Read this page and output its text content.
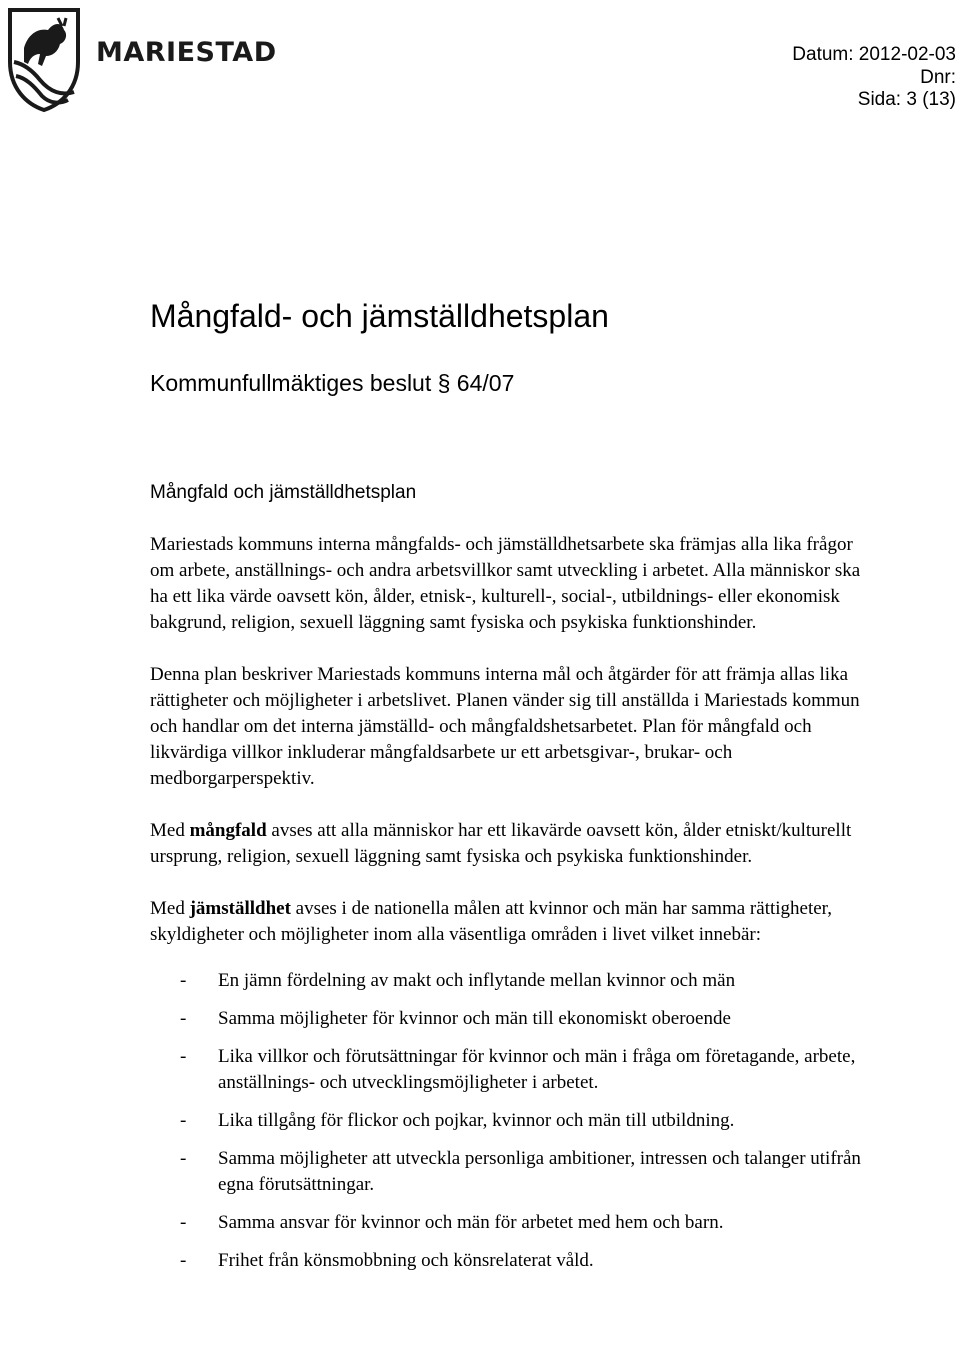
MARIESTAD	Datum: 2012-02-03
Dnr:
Sida: 3 (13)
Mångfald- och jämställdhetsplan
Kommunfullmäktiges beslut § 64/07
Mångfald och jämställdhetsplan

Mariestads kommuns interna mångfalds- och jämställdhetsarbete ska främjas alla lika frågor om arbete, anställnings- och andra arbetsvillkor samt utveckling i arbetet. Alla människor ska ha ett lika värde oavsett kön, ålder, etnisk-, kulturell-, social-, utbildnings- eller ekonomisk bakgrund, religion, sexuell läggning samt fysiska och psykiska funktionshinder.

Denna plan beskriver Mariestads kommuns interna mål och åtgärder för att främja allas lika rättigheter och möjligheter i arbetslivet. Planen vänder sig till anställda i Mariestads kommun och handlar om det interna jämställd- och mångfaldshetsarbetet. Plan för mångfald och likvärdiga villkor inkluderar mångfaldsarbete ur ett arbetsgivar-, brukar- och medborgarperspektiv.

Med mångfald avses att alla människor har ett likavärde oavsett kön, ålder etniskt/kulturellt ursprung, religion, sexuell läggning samt fysiska och psykiska funktionshinder.

Med jämställdhet avses i de nationella målen att kvinnor och män har samma rättigheter, skyldigheter och möjligheter inom alla väsentliga områden i livet vilket innebär:

- En jämn fördelning av makt och inflytande mellan kvinnor och män
- Samma möjligheter för kvinnor och män till ekonomiskt oberoende
- Lika villkor och förutsättningar för kvinnor och män i fråga om företagande, arbete, anställnings- och utvecklingsmöjligheter i arbetet.
- Lika tillgång för flickor och pojkar, kvinnor och män till utbildning.
- Samma möjligheter att utveckla personliga ambitioner, intressen och talanger utifrån egna förutsättningar.
- Samma ansvar för kvinnor och män för arbetet med hem och barn.
- Frihet från könsmobbning och könsrelaterat våld.
